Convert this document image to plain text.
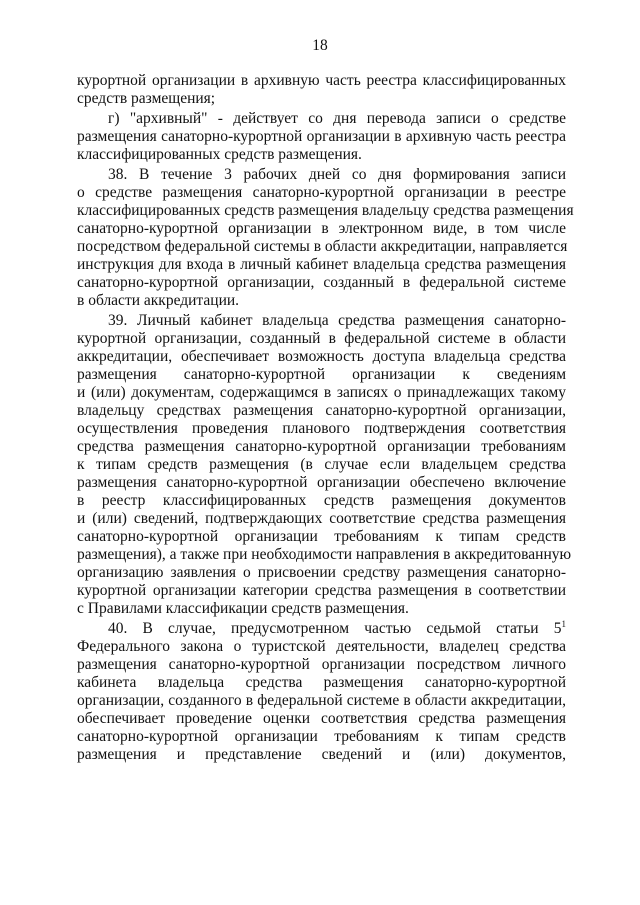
18
курортной организации в архивную часть реестра классифицированных
средств размещения;
г) "архивный" - действует со дня перевода записи о средстве
размещения санаторно-курортной организации в архивную часть реестра
классифицированных средств размещения.
38. В течение 3 рабочих дней со дня формирования записи
о средстве размещения санаторно-курортной организации в реестре
классифицированных средств размещения владельцу средства размещения
санаторно-курортной организации в электронном виде, в том числе
посредством федеральной системы в области аккредитации, направляется
инструкция для входа в личный кабинет владельца средства размещения
санаторно-курортной организации, созданный в федеральной системе
в области аккредитации.
39. Личный кабинет владельца средства размещения санаторно-
курортной организации, созданный в федеральной системе в области
аккредитации, обеспечивает возможность доступа владельца средства
размещения санаторно-курортной организации к сведениям
и (или) документам, содержащимся в записях о принадлежащих такому
владельцу средствах размещения санаторно-курортной организации,
осуществления проведения планового подтверждения соответствия
средства размещения санаторно-курортной организации требованиям
к типам средств размещения (в случае если владельцем средства
размещения санаторно-курортной организации обеспечено включение
в реестр классифицированных средств размещения документов
и (или) сведений, подтверждающих соответствие средства размещения
санаторно-курортной организации требованиям к типам средств
размещения), а также при необходимости направления в аккредитованную
организацию заявления о присвоении средству размещения санаторно-
курортной организации категории средства размещения в соответствии
с Правилами классификации средств размещения.
40. В случае, предусмотренном частью седьмой статьи 5$^1$
Федерального закона о туристской деятельности, владелец средства
размещения санаторно-курортной организации посредством личного
кабинета владельца средства размещения санаторно-курортной
организации, созданного в федеральной системе в области аккредитации,
обеспечивает проведение оценки соответствия средства размещения
санаторно-курортной организации требованиям к типам средств
размещения и представление сведений и (или) документов,
